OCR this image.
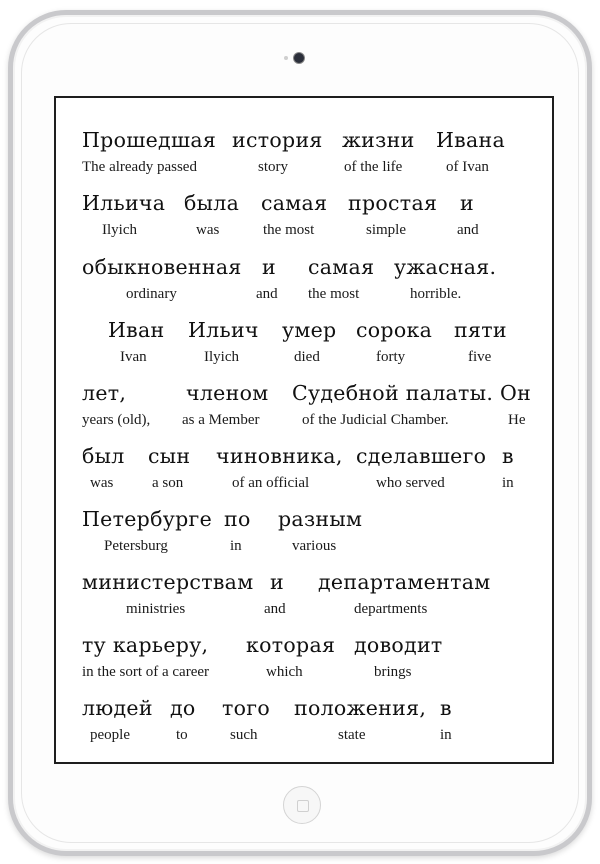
Прошедшая
The already passed
история
story
жизни
of the life
Ивана
of Ivan
Ильича
Ilyich
была
was
самая
the most
простая
simple
и
and
обыкновенная
ordinary
и
and
самая
the most
ужасная.
horrible.
Иван
Ivan
Ильич
Ilyich
умер
died
сорока
forty
пяти
five
лет,
years (old),
членом
as a Member
Судебной палаты.
of the Judicial Chamber.
Он
He
был
was
сын
a son
чиновника,
of an official
сделавшего
who served
в
in
Петербурге
Petersburg
по
in
разным
various
министерствам
ministries
и
and
департаментам
departments
ту карьеру,
in the sort of a career
которая
which
доводит
brings
людей
people
до
to
того
such
положения,
state
в
in
